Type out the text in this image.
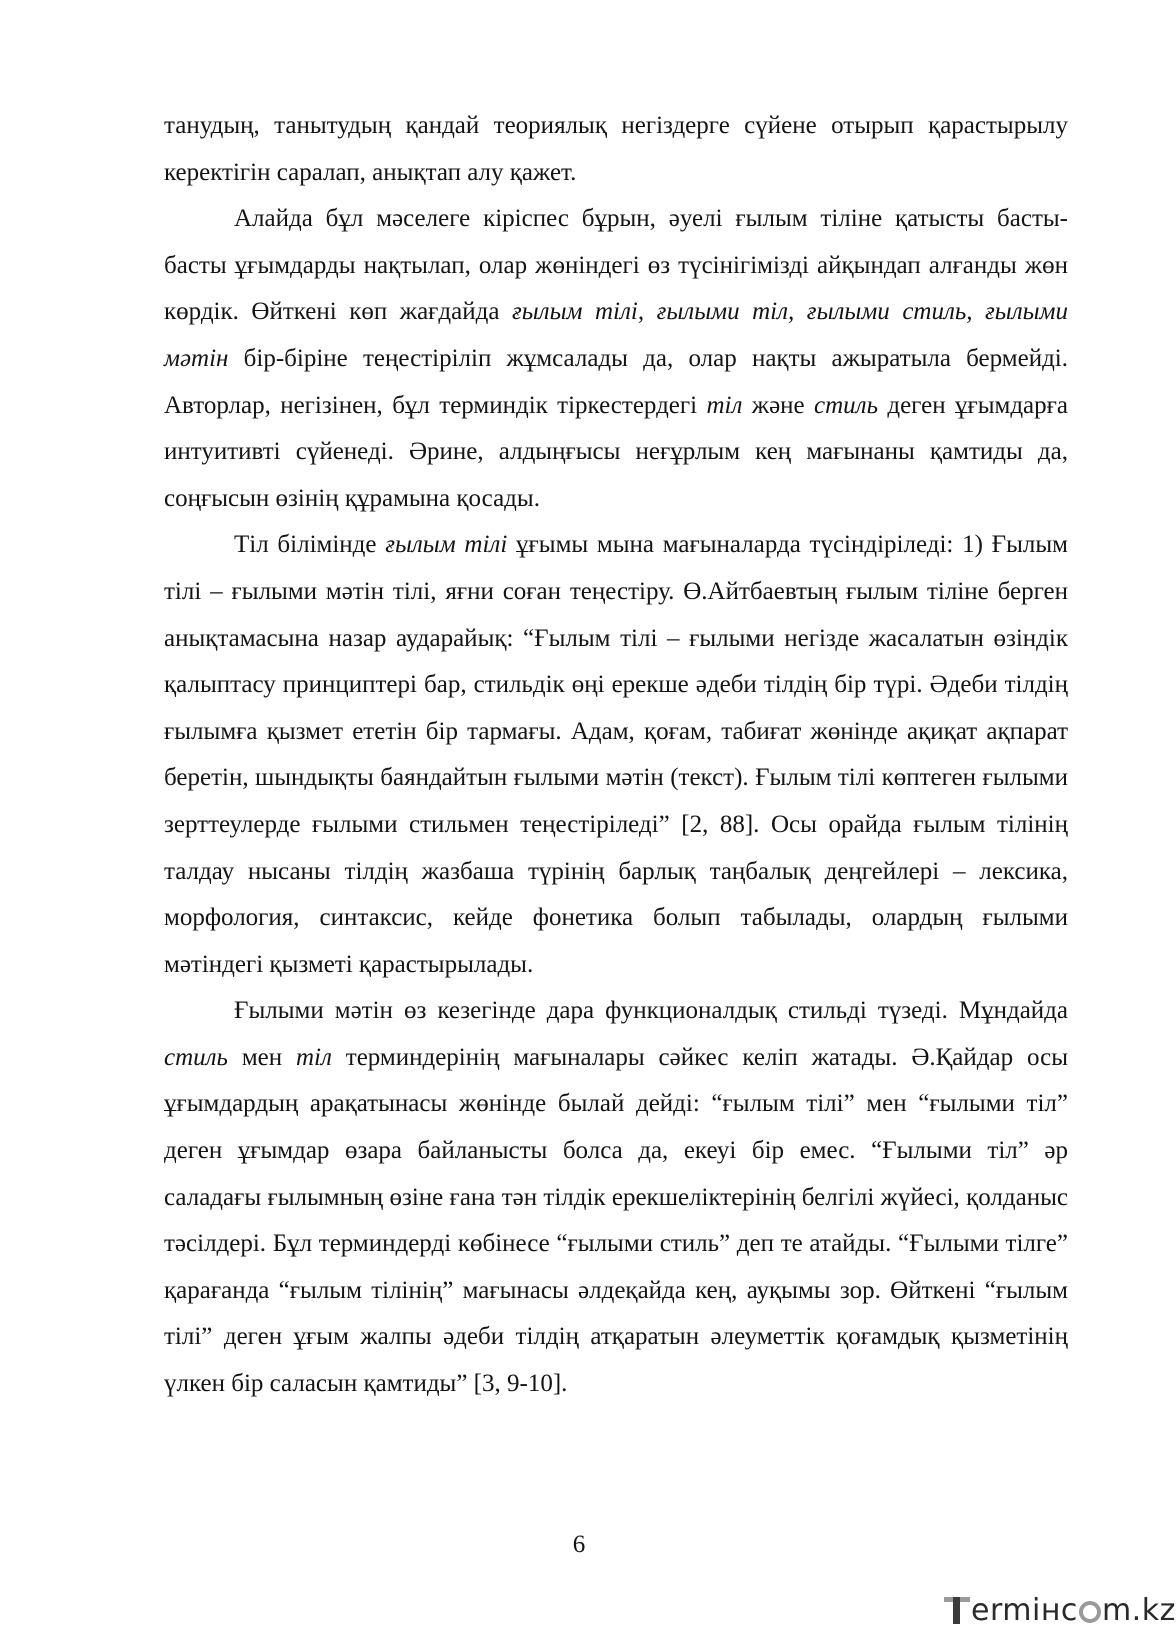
танудың, танытудың қандай теориялық негіздерге сүйене отырып қарастырылу керектігін саралап, анықтап алу қажет.

Алайда бұл мәселеге кіріспес бұрын, әуелі ғылым тіліне қатысты басты-басты ұғымдарды нақтылап, олар жөніндегі өз түсінігімізді айқындап алғанды жөн көрдік. Өйткені көп жағдайда ғылым тілі, ғылыми тіл, ғылыми стиль, ғылыми мәтін бір-біріне теңестіріліп жұмсалады да, олар нақты ажыратыла бермейді. Авторлар, негізінен, бұл терминдік тіркестердегі тіл және стиль деген ұғымдарға интуитивті сүйенеді. Әрине, алдыңғысы неғұрлым кең мағынаны қамтиды да, соңғысын өзінің құрамына қосады.

Тіл білімінде ғылым тілі ұғымы мына мағыналарда түсіндіріледі: 1) Ғылым тілі – ғылыми мәтін тілі, яғни соған теңестіру. Ө.Айтбаевтың ғылым тіліне берген анықтамасына назар аударайық: “Ғылым тілі – ғылыми негізде жасалатын өзіндік қалыптасу принциптері бар, стильдік өңі ерекше әдеби тілдің бір түрі. Әдеби тілдің ғылымға қызмет ететін бір тармағы. Адам, қоғам, табиғат жөнінде ақиқат ақпарат беретін, шындықты баяндайтын ғылыми мәтін (текст). Ғылым тілі көптеген ғылыми зерттеулерде ғылыми стильмен теңестіріледі” [2, 88]. Осы орайда ғылым тілінің талдау нысаны тілдің жазбаша түрінің барлық таңбалық деңгейлері – лексика, морфология, синтаксис, кейде фонетика болып табылады, олардың ғылыми мәтіндегі қызметі қарастырылады.

Ғылыми мәтін өз кезегінде дара функционалдық стильді түзеді. Мұндайда стиль мен тіл терминдерінің мағыналары сәйкес келіп жатады. Ә.Қайдар осы ұғымдардың арақатынасы жөнінде былай дейді: “ғылым тілі” мен “ғылыми тіл” деген ұғымдар өзара байланысты болса да, екеуі бір емес. “Ғылыми тіл” әр саладағы ғылымның өзіне ғана тән тілдік ерекшеліктерінің белгілі жүйесі, қолданыс тәсілдері. Бұл терминдерді көбінесе “ғылыми стиль” деп те атайды. “Ғылыми тілге” қарағанда “ғылым тілінің” мағынасы әлдеқайда кең, ауқымы зор. Өйткені “ғылым тілі” деген ұғым жалпы әдеби тілдің атқаратын әлеуметтік қоғамдық қызметінің үлкен бір саласын қамтиды” [3, 9-10].

6
ermінс m.kz
